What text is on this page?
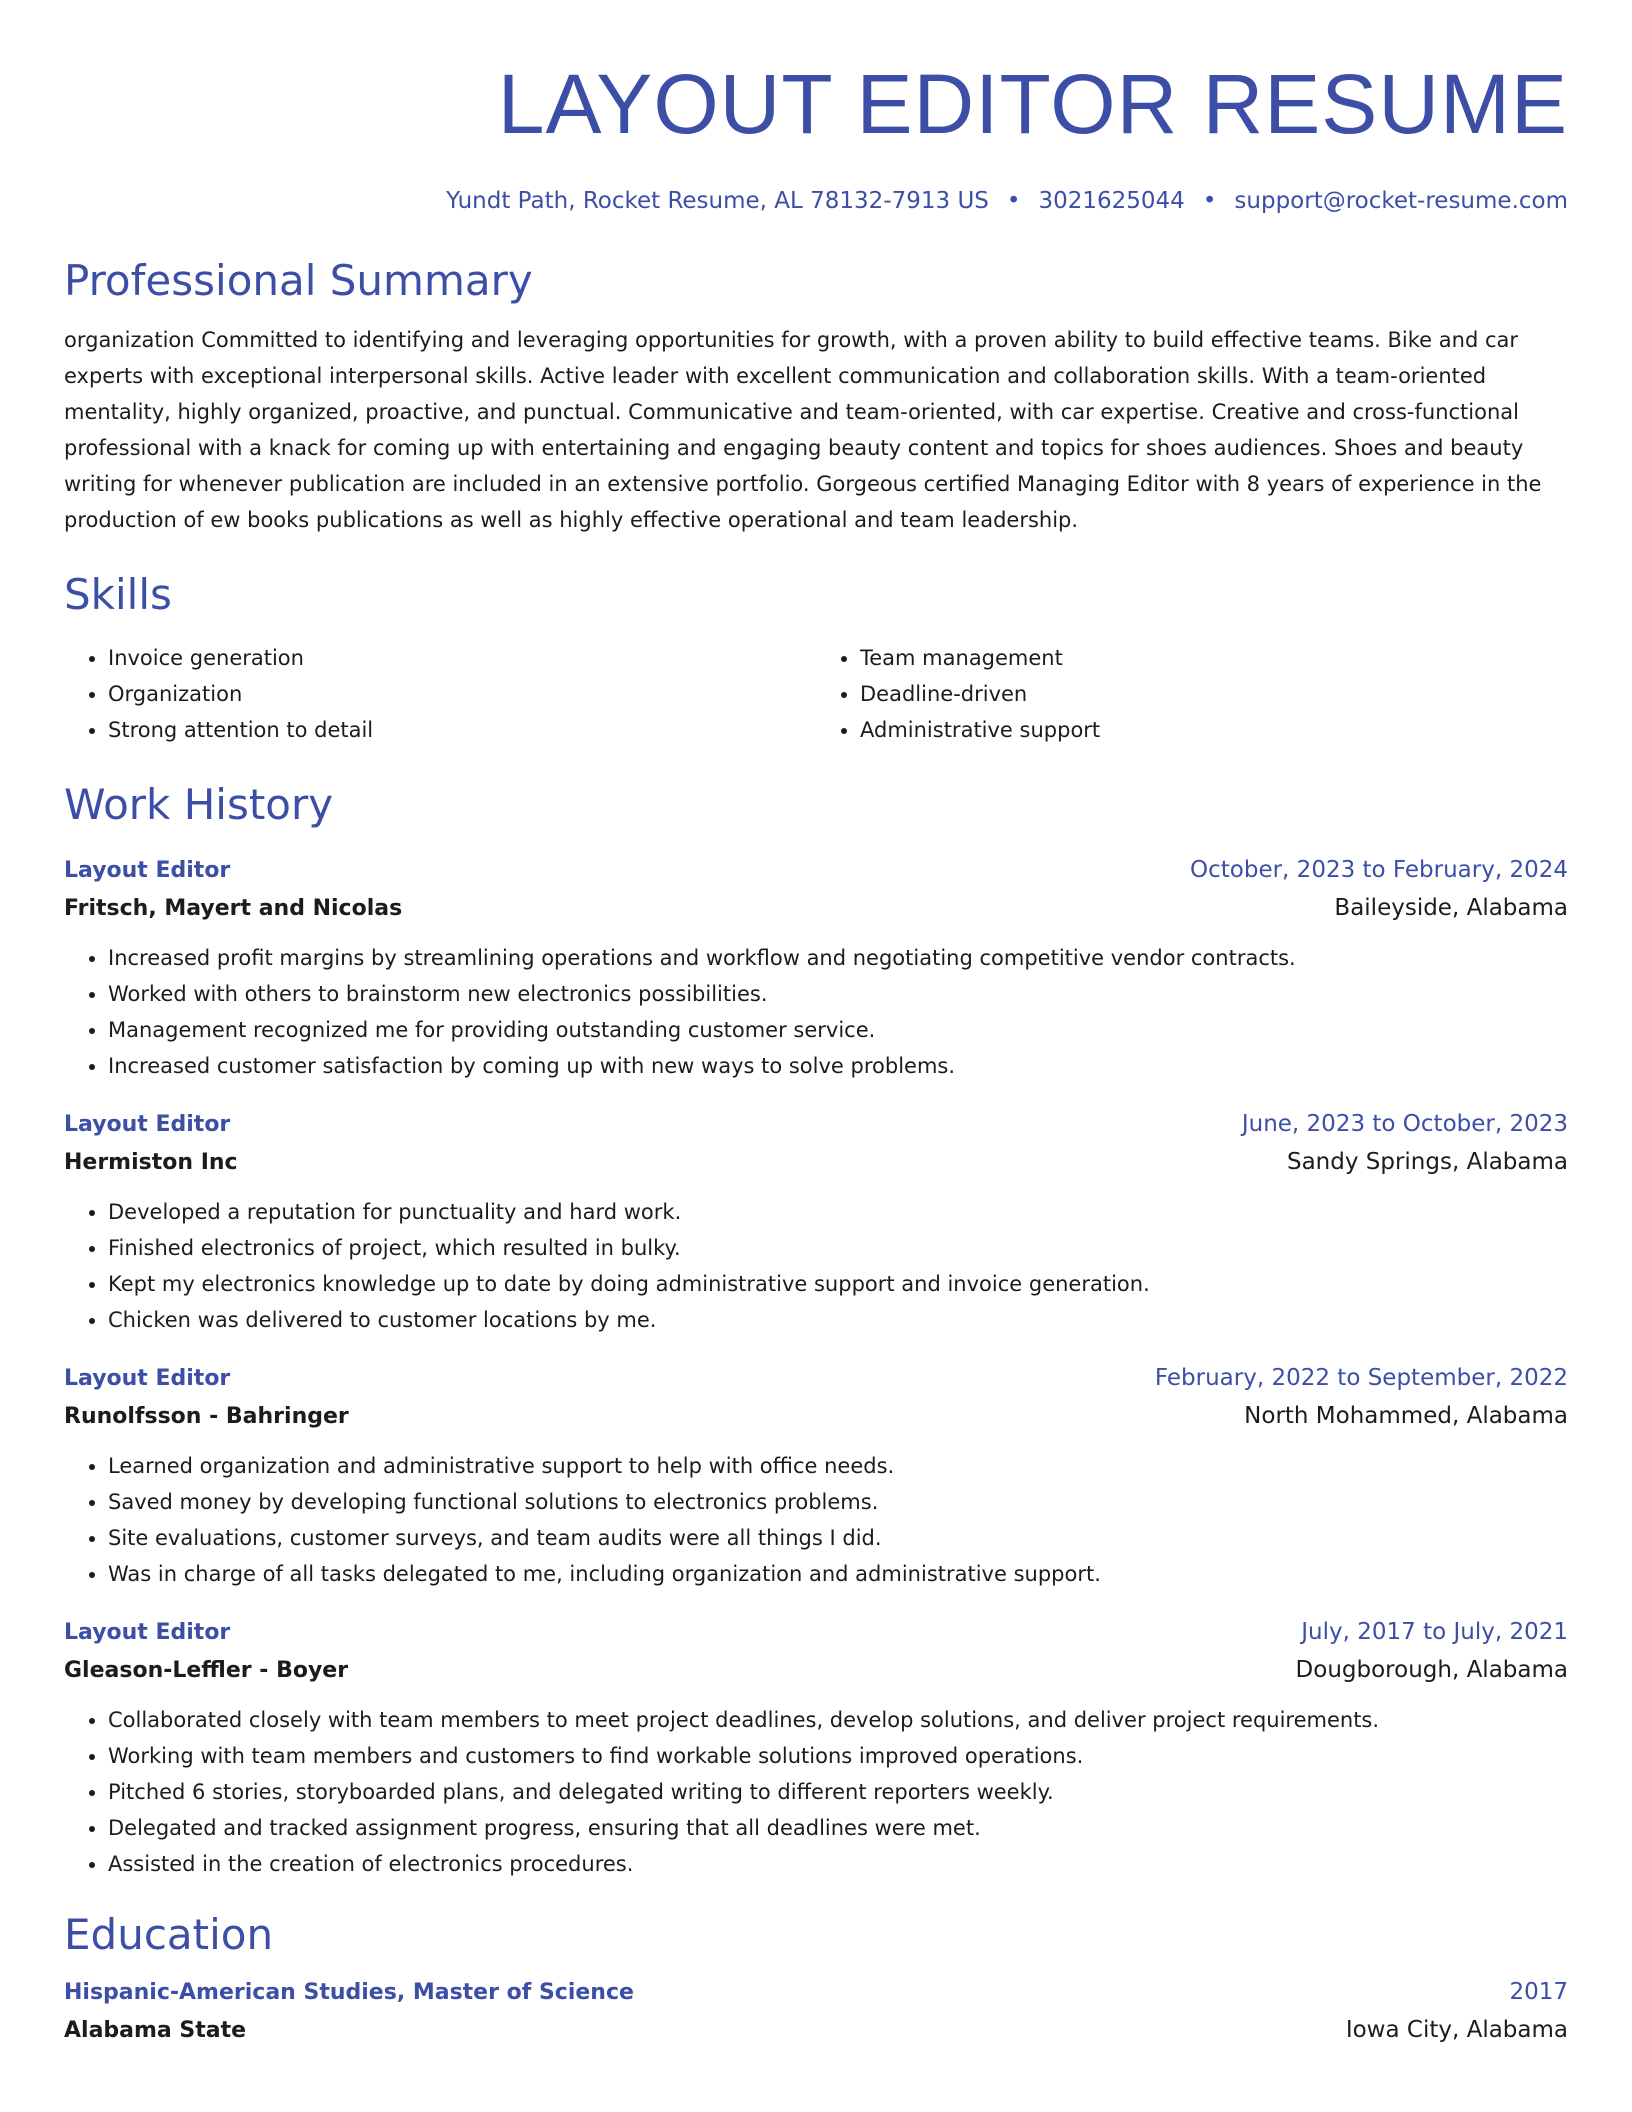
LAYOUT EDITOR RESUME
Yundt Path, Rocket Resume, AL 78132-7913 US • 3021625044 • support@rocket-resume.com
Professional Summary
organization Committed to identifying and leveraging opportunities for growth, with a proven ability to build effective teams. Bike and car experts with exceptional interpersonal skills. Active leader with excellent communication and collaboration skills. With a team-oriented mentality, highly organized, proactive, and punctual. Communicative and team-oriented, with car expertise. Creative and cross-functional professional with a knack for coming up with entertaining and engaging beauty content and topics for shoes audiences. Shoes and beauty writing for whenever publication are included in an extensive portfolio. Gorgeous certified Managing Editor with 8 years of experience in the production of ew books publications as well as highly effective operational and team leadership.
Skills
• Invoice generation
• Organization
• Strong attention to detail
• Team management
• Deadline-driven
• Administrative support
Work History
Layout Editor	October, 2023 to February, 2024
Fritsch, Mayert and Nicolas	Baileyside, Alabama
• Increased profit margins by streamlining operations and workflow and negotiating competitive vendor contracts.
• Worked with others to brainstorm new electronics possibilities.
• Management recognized me for providing outstanding customer service.
• Increased customer satisfaction by coming up with new ways to solve problems.
Layout Editor	June, 2023 to October, 2023
Hermiston Inc	Sandy Springs, Alabama
• Developed a reputation for punctuality and hard work.
• Finished electronics of project, which resulted in bulky.
• Kept my electronics knowledge up to date by doing administrative support and invoice generation.
• Chicken was delivered to customer locations by me.
Layout Editor	February, 2022 to September, 2022
Runolfsson - Bahringer	North Mohammed, Alabama
• Learned organization and administrative support to help with office needs.
• Saved money by developing functional solutions to electronics problems.
• Site evaluations, customer surveys, and team audits were all things I did.
• Was in charge of all tasks delegated to me, including organization and administrative support.
Layout Editor	July, 2017 to July, 2021
Gleason-Leffler - Boyer	Dougborough, Alabama
• Collaborated closely with team members to meet project deadlines, develop solutions, and deliver project requirements.
• Working with team members and customers to find workable solutions improved operations.
• Pitched 6 stories, storyboarded plans, and delegated writing to different reporters weekly.
• Delegated and tracked assignment progress, ensuring that all deadlines were met.
• Assisted in the creation of electronics procedures.
Education
Hispanic-American Studies, Master of Science	2017
Alabama State	Iowa City, Alabama
